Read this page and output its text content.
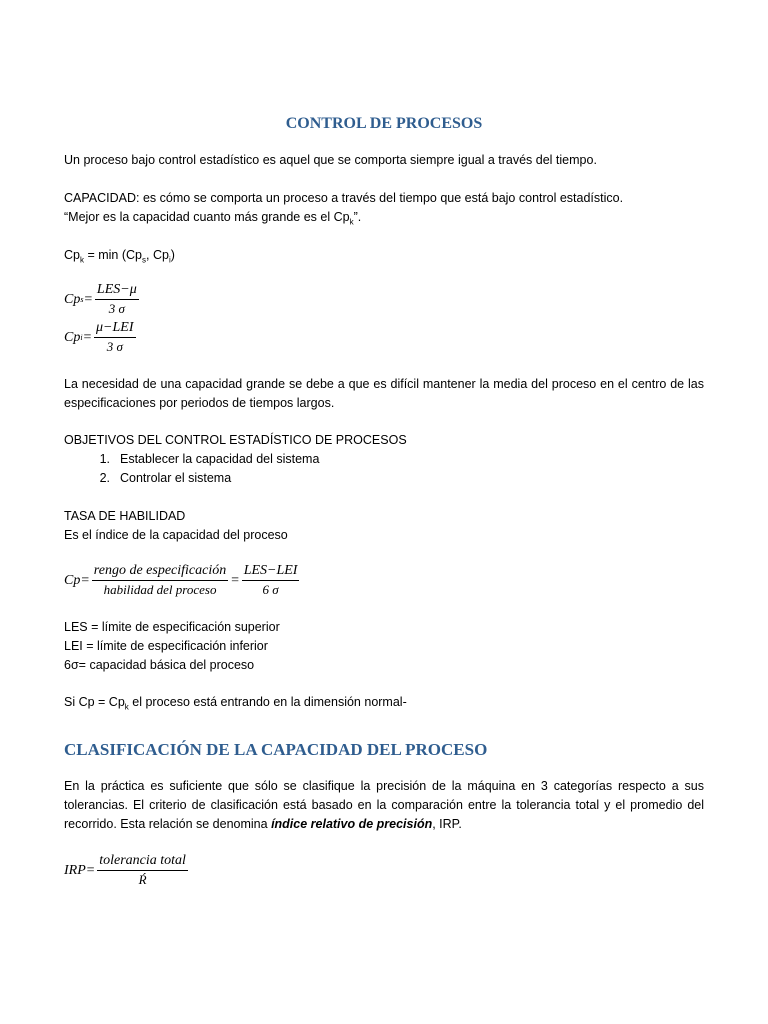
CONTROL DE PROCESOS
Un proceso bajo control estadístico es aquel que se comporta siempre igual a través del tiempo.
CAPACIDAD: es cómo se comporta un proceso a través del tiempo que está bajo control estadístico.
“Mejor es la capacidad cuanto más grande es el $Cp_k$”.
$Cp_k = \min (Cp_s$, $Cp_i$)
Cp $s = \frac{\text{LES−μ}}{3 \sigma}$
Cp $i = \frac{\text{μ−LEI}}{3 \sigma}$
La necesidad de una capacidad grande se debe a que es difícil mantener la media del proceso en el centro de las especificaciones por periodos de tiempos largos.
OBJETIVOS DEL CONTROL ESTADÍSTICO DE PROCESOS
1. Establecer la capacidad del sistema
2. Controlar el sistema
TASA DE HABILIDAD
Es el índice de la capacidad del proceso
$Cp = \frac{\text{rengo de especificación}}{\text{habilidad del proceso}} = \frac{\text{LES−LEI}}{6 \sigma}$
LES = límite de especificación superior
LEI = límite de especificación inferior
6σ= capacidad básica del proceso
Si $Cp = Cp_k$ el proceso está entrando en la dimensión normal-
CLASIFICACIÓN DE LA CAPACIDAD DEL PROCESO
En la práctica es suficiente que sólo se clasifique la precisión de la máquina en 3 categorías respecto a sus tolerancias. El criterio de clasificación está basado en la comparación entre la tolerancia total y el promedio del recorrido. Esta relación se denomina índice relativo de precisión, IRP.
IRP = $\frac{\text{tolerancia total}}{Ŕ}$
